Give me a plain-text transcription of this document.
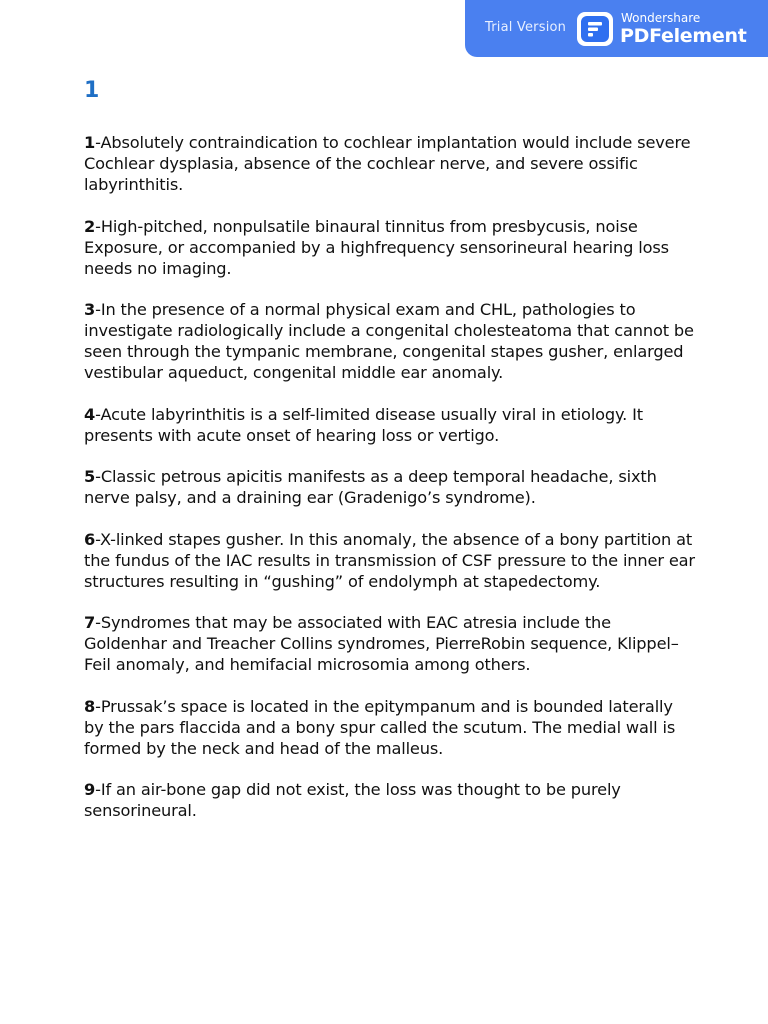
Trial Version
Wondershare
PDFelement
1

1-Absolutely contraindication to cochlear implantation would include severe Cochlear dysplasia, absence of the cochlear nerve, and severe ossific labyrinthitis.

2-High-pitched, nonpulsatile binaural tinnitus from presbycusis, noise Exposure, or accompanied by a highfrequency sensorineural hearing loss needs no imaging.

3-In the presence of a normal physical exam and CHL, pathologies to investigate radiologically include a congenital cholesteatoma that cannot be seen through the tympanic membrane, congenital stapes gusher, enlarged vestibular aqueduct, congenital middle ear anomaly.

4-Acute labyrinthitis is a self-limited disease usually viral in etiology. It presents with acute onset of hearing loss or vertigo.

5-Classic petrous apicitis manifests as a deep temporal headache, sixth nerve palsy, and a draining ear (Gradenigo’s syndrome).

6-X-linked stapes gusher. In this anomaly, the absence of a bony partition at the fundus of the IAC results in transmission of CSF pressure to the inner ear structures resulting in “gushing” of endolymph at stapedectomy.

7-Syndromes that may be associated with EAC atresia include the Goldenhar and Treacher Collins syndromes, PierreRobin sequence, Klippel–Feil anomaly, and hemifacial microsomia among others.

8-Prussak’s space is located in the epitympanum and is bounded laterally by the pars flaccida and a bony spur called the scutum. The medial wall is formed by the neck and head of the malleus.

9-If an air-bone gap did not exist, the loss was thought to be purely sensorineural.
